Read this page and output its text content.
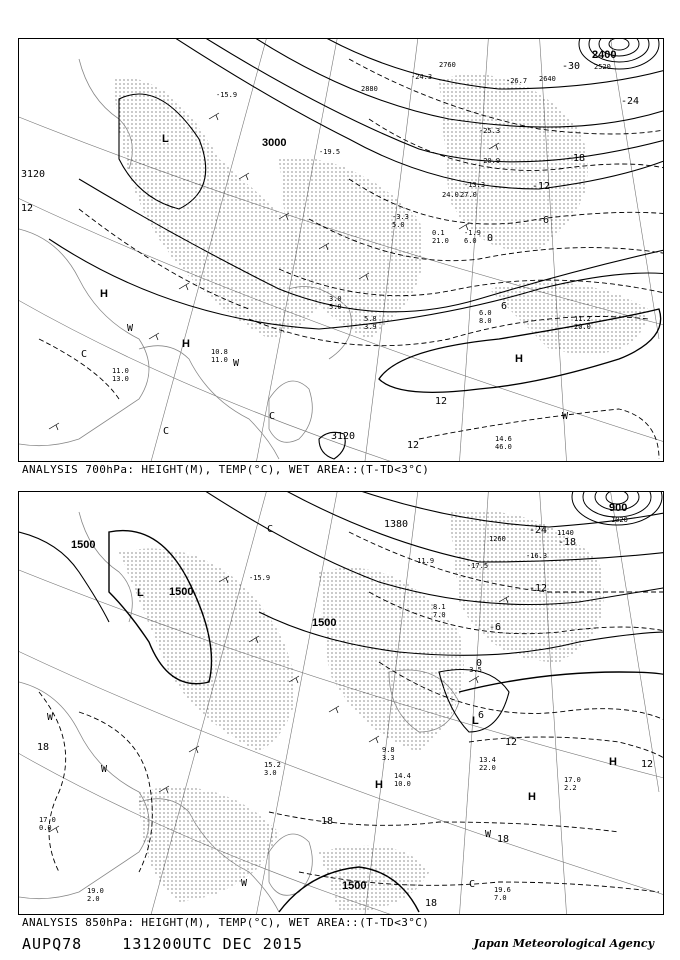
2400
2520
2640
2760
2880
3000
3120
3120
-24
-18
-12
-6
0
6
12
12
12
-30
L
H
H
H
C
C
W
W
W
C
11.2
20.0
14.6
46.0
5.8
3.9
11.0
13.0
10.8
11.0
3.0
5.0
6.0
8.0
0.1
21.0
-1.9
6.0
-3.3
5.0
-15.9
-19.5
-24.3	-26.7
-25.3
-20.9
-13.3
24.0 27.0
ANALYSIS 700hPa: HEIGHT(M), TEMP(°C), WET AREA::(T-TD<3°C)
900
1020
1140
1260
1380
1500
1500
1500
1500
-24
-18
-12
-6
0
6
12
12
18
18
18
18
L
L
H
H
H
W
W
W
W
C
C
13.4
22.0
17.0
2.2
19.6
7.0
14.4
10.0
9.8
3.3
15.2
3.0
17.0
0.0
19.0
2.0
8.1
7.0
-3.5
-11.9
-17.5
-16.3
-15.9
ANALYSIS 850hPa: HEIGHT(M), TEMP(°C), WET AREA::(T-TD<3°C)
AUPQ78    131200UTC DEC 2015	Japan Meteorological Agency
